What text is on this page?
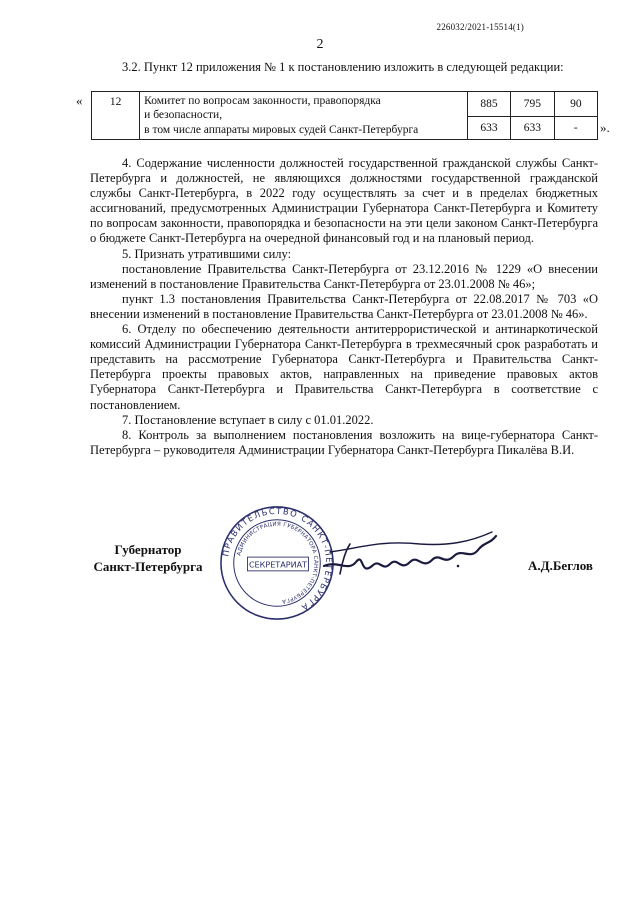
226032/2021-15514(1)
2
3.2. Пункт 12 приложения № 1 к постановлению изложить в следующей редакции:
« 12	Комитет по вопросам законности, правопорядка
и безопасности,
в том числе аппараты мировых судей Санкт-Петербурга	885	795	90
		633	633	- ».

4. Содержание численности должностей государственной гражданской службы Санкт-Петербурга и должностей, не являющихся должностями государственной гражданской службы Санкт-Петербурга, в 2022 году осуществлять за счет и в пределах бюджетных ассигнований, предусмотренных Администрации Губернатора Санкт-Петербурга и Комитету по вопросам законности, правопорядка и безопасности на эти цели законом Санкт-Петербурга о бюджете Санкт-Петербурга на очередной финансовый год и на плановый период.

5. Признать утратившими силу:

постановление Правительства Санкт-Петербурга от 23.12.2016 № 1229 «О внесении изменений в постановление Правительства Санкт-Петербурга от 23.01.2008 № 46»;

пункт 1.3 постановления Правительства Санкт-Петербурга от 22.08.2017 № 703 «О внесении изменений в постановление Правительства Санкт-Петербурга от 23.01.2008 № 46».

6. Отделу по обеспечению деятельности антитеррористической и антинаркотической комиссий Администрации Губернатора Санкт-Петербурга в трехмесячный срок разработать и представить на рассмотрение Губернатора Санкт-Петербурга и Правительства Санкт-Петербурга проекты правовых актов, направленных на приведение правовых актов Губернатора Санкт-Петербурга и Правительства Санкт-Петербурга в соответствие с постановлением.

7. Постановление вступает в силу с 01.01.2022.

8. Контроль за выполнением постановления возложить на вице-губернатора Санкт-Петербурга – руководителя Администрации Губернатора Санкт-Петербурга Пикалёва В.И.

Губернатор
Санкт-Петербурга
ПРАВИТЕЛЬСТВО САНКТ-ПЕТЕРБУРГА
АДМИНИСТРАЦИЯ ГУБЕРНАТОРА САНКТ-ПЕТЕРБУРГА
СЕКРЕТАРИАТ	А.Д.Беглов
